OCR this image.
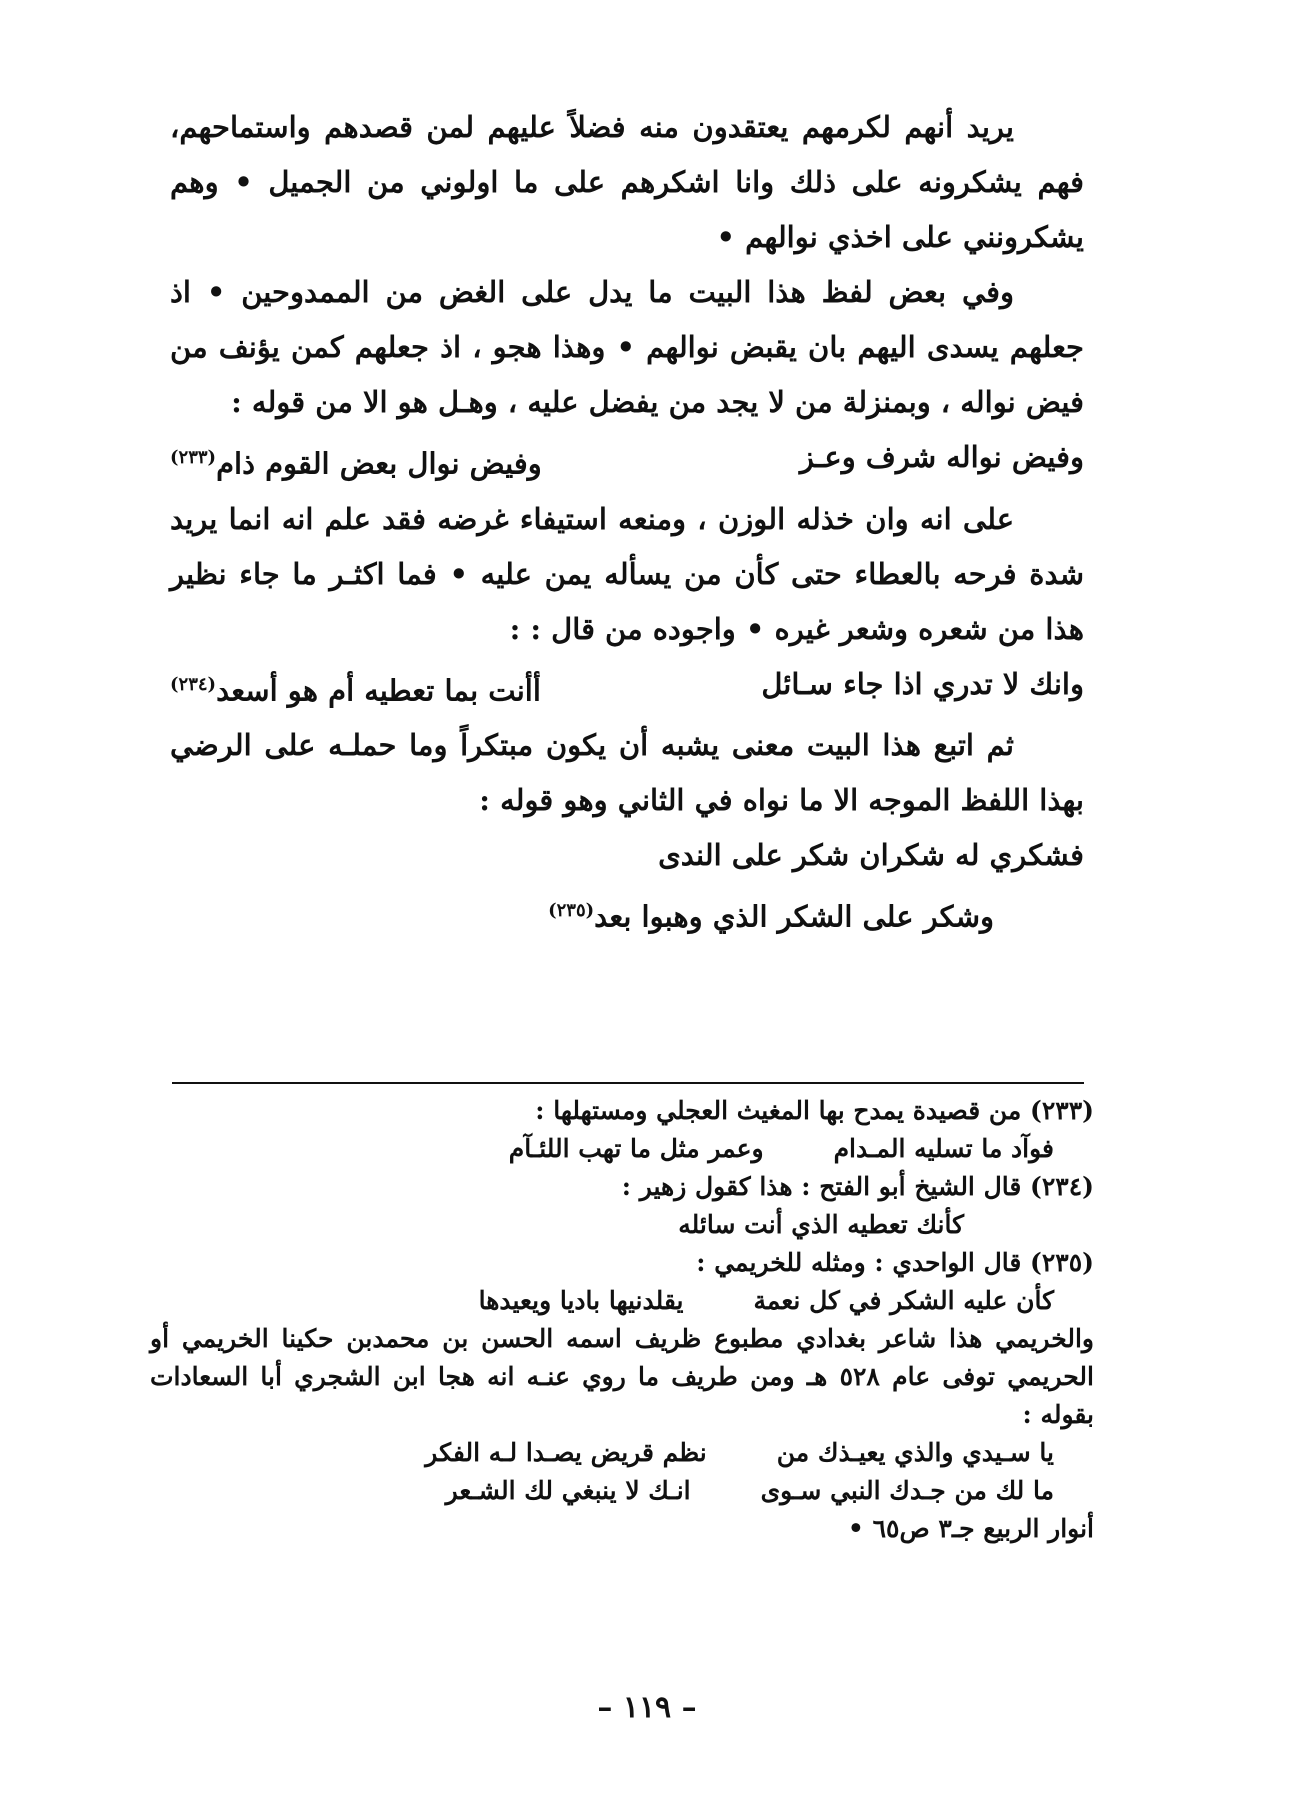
يريد أنهم لكرمهم يعتقدون منه فضلاً عليهم لمن قصدهم واستماحهم، فهم يشكرونه على ذلك وانا اشكرهم على ما اولوني من الجميل • وهم يشكرونني على اخذي نوالهم •

وفي بعض لفظ هذا البيت ما يدل على الغض من الممدوحين • اذ جعلهم يسدى اليهم بان يقبض نوالهم • وهذا هجو ، اذ جعلهم كمن يؤنف من فيض نواله ، وبمنزلة من لا يجد من يفضل عليه ، وهـل هو الا من قوله :

وفيض نواله شرف وعـز
وفيض نوال بعض القوم ذام$^{(٢٣٣)}$

على انه وان خذله الوزن ، ومنعه استيفاء غرضه فقد علم انه انما يريد شدة فرحه بالعطاء حتى كأن من يسأله يمن عليه • فما اكثـر ما جاء نظير هذا من شعره وشعر غيره • واجوده من قال : :

وانك لا تدري اذا جاء سـائل
أأنت بما تعطيه أم هو أسعد$^{(٢٣٤)}$

ثم اتبع هذا البيت معنى يشبه أن يكون مبتكراً وما حملـه على الرضي بهذا اللفظ الموجه الا ما نواه في الثاني وهو قوله :

فشكري له شكران شكر على الندى
وشكر على الشكر الذي وهبوا بعد$^{(٢٣٥)}$

(٢٣٣) من قصيدة يمدح بها المغيث العجلي ومستهلها :

فوآد ما تسليه المـدام
وعمر مثل ما تهب اللئـآم

(٢٣٤) قال الشيخ أبو الفتح : هذا كقول زهير :

كأنك تعطيه الذي أنت سائله

(٢٣٥) قال الواحدي : ومثله للخريمي :

كأن عليه الشكر في كل نعمة
يقلدنيها باديا ويعيدها

والخريمي هذا شاعر بغدادي مطبوع ظريف اسمه الحسن بن محمدبن حكينا الخريمي أو الحريمي توفى عام ٥٢٨ هـ ومن طريف ما روي عنـه انه هجا ابن الشجري أبا السعادات بقوله :

يا سـيدي والذي يعيـذك من
نظم قريض يصـدا لـه الفكر
ما لك من جـدك النبي سـوى
انـك لا ينبغي لك الشـعر

أنوار الربيع جـ٣ ص٦٥ •

– ١١٩ –
